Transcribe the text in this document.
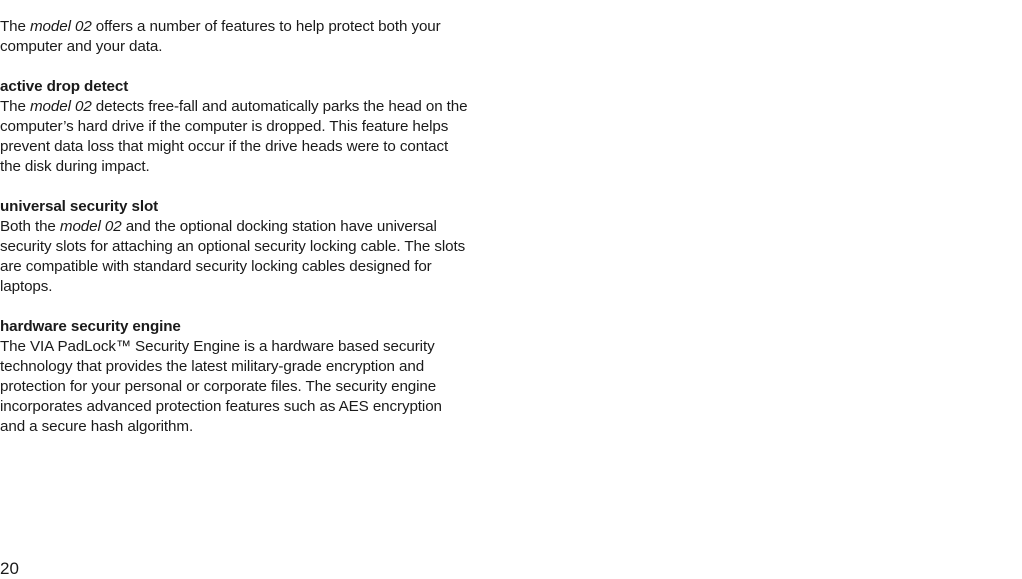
The model 02 offers a number of features to help protect both your computer and your data.

active drop detect
The model 02 detects free-fall and automatically parks the head on the computer’s hard drive if the computer is dropped. This feature helps prevent data loss that might occur if the drive heads were to contact the disk during impact.
universal security slot
Both the model 02 and the optional docking station have universal security slots for attaching an optional security locking cable. The slots are compatible with standard security locking cables designed for laptops.
hardware security engine
The VIA PadLock™ Security Engine is a hardware based security technology that provides the latest military-grade encryption and protection for your personal or corporate files. The security engine incorporates advanced protection features such as AES encryption and a secure hash algorithm.
20
